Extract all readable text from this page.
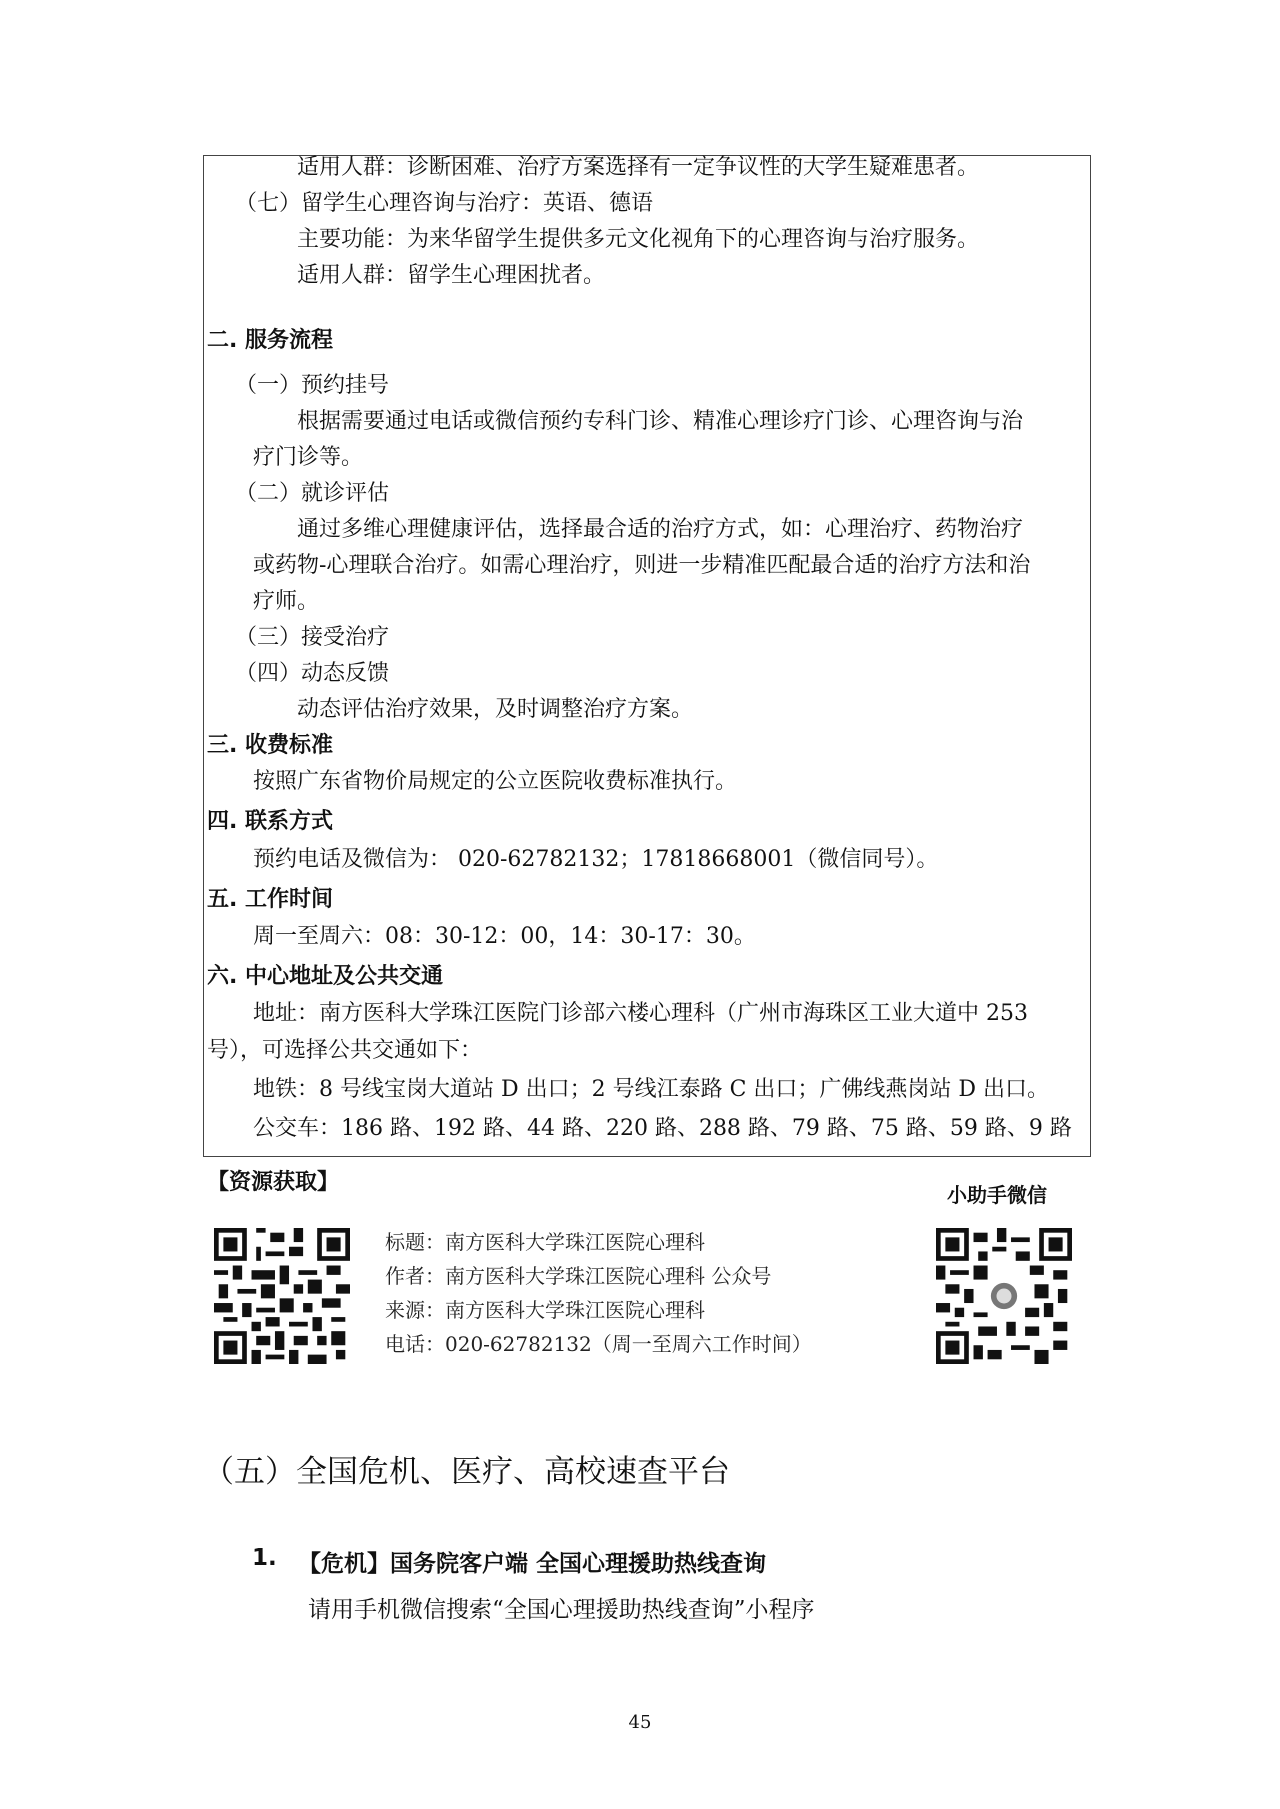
适用人群：诊断困难、治疗方案选择有一定争议性的大学生疑难患者。
（七）留学生心理咨询与治疗：英语、德语
主要功能：为来华留学生提供多元文化视角下的心理咨询与治疗服务。
适用人群：留学生心理困扰者。
二. 服务流程
（一）预约挂号
根据需要通过电话或微信预约专科门诊、精准心理诊疗门诊、心理咨询与治
疗门诊等。
（二）就诊评估
通过多维心理健康评估，选择最合适的治疗方式，如：心理治疗、药物治疗
或药物-心理联合治疗。如需心理治疗，则进一步精准匹配最合适的治疗方法和治
疗师。
（三）接受治疗
（四）动态反馈
动态评估治疗效果，及时调整治疗方案。
三. 收费标准
按照广东省物价局规定的公立医院收费标准执行。
四. 联系方式
预约电话及微信为： 020-62782132；17818668001（微信同号）。
五. 工作时间
周一至周六：08：30-12：00，14：30-17：30。
六. 中心地址及公共交通
地址：南方医科大学珠江医院门诊部六楼心理科（广州市海珠区工业大道中 253
号），可选择公共交通如下：
地铁：8 号线宝岗大道站 D 出口；2 号线江泰路 C 出口；广佛线燕岗站 D 出口。
公交车：186 路、192 路、44 路、220 路、288 路、79 路、75 路、59 路、9 路
【资源获取】	小助手微信
标题：南方医科大学珠江医院心理科
作者：南方医科大学珠江医院心理科 公众号
来源：南方医科大学珠江医院心理科
电话：020-62782132（周一至周六工作时间）
（五）全国危机、医疗、高校速查平台
1. 【危机】国务院客户端 全国心理援助热线查询
请用手机微信搜索“全国心理援助热线查询”小程序
45
